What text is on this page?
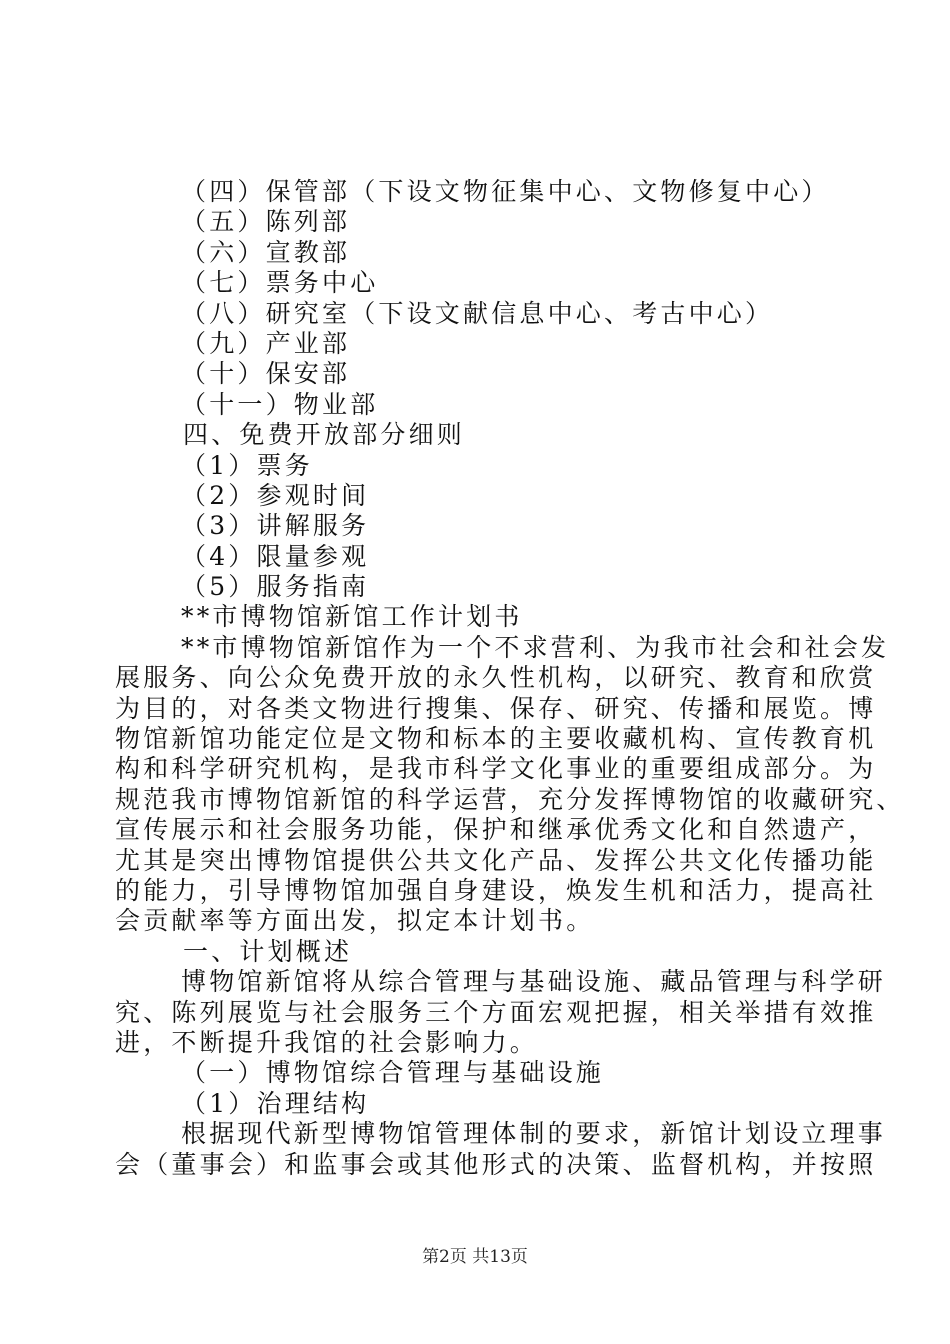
（四）保管部（下设文物征集中心、文物修复中心）
（五）陈列部
（六）宣教部
（七）票务中心
（八）研究室（下设文献信息中心、考古中心）
（九）产业部
（十）保安部
（十一）物业部
四、免费开放部分细则
（1）票务
（2）参观时间
（3）讲解服务
（4）限量参观
（5）服务指南
**市博物馆新馆工作计划书
**市博物馆新馆作为一个不求营利、为我市社会和社会发
展服务、向公众免费开放的永久性机构，以研究、教育和欣赏
为目的，对各类文物进行搜集、保存、研究、传播和展览。博
物馆新馆功能定位是文物和标本的主要收藏机构、宣传教育机
构和科学研究机构，是我市科学文化事业的重要组成部分。为
规范我市博物馆新馆的科学运营，充分发挥博物馆的收藏研究、
宣传展示和社会服务功能，保护和继承优秀文化和自然遗产，
尤其是突出博物馆提供公共文化产品、发挥公共文化传播功能
的能力，引导博物馆加强自身建设，焕发生机和活力，提高社
会贡献率等方面出发，拟定本计划书。
一、计划概述
博物馆新馆将从综合管理与基础设施、藏品管理与科学研
究、陈列展览与社会服务三个方面宏观把握，相关举措有效推
进，不断提升我馆的社会影响力。
（一）博物馆综合管理与基础设施
（1）治理结构
根据现代新型博物馆管理体制的要求，新馆计划设立理事
会（董事会）和监事会或其他形式的决策、监督机构，并按照
第2页 共13页
